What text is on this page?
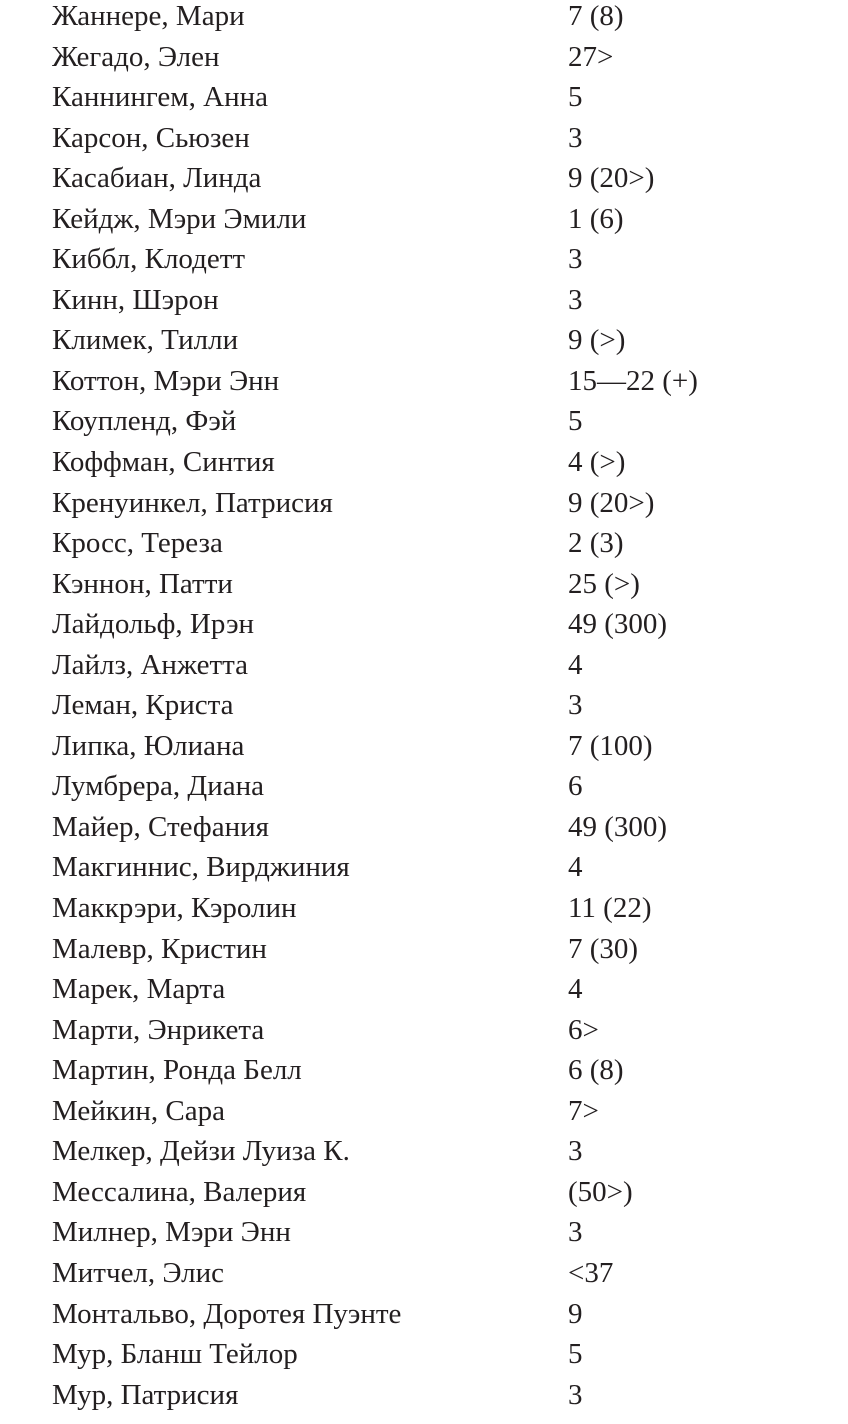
Жаннере, Мари	7 (8)
Жегадо, Элен	27>
Каннингем, Анна	5
Карсон, Сьюзен	3
Касабиан, Линда	9 (20>)
Кейдж, Мэри Эмили	1 (6)
Киббл, Клодетт	3
Кинн, Шэрон	3
Климек, Тилли	9 (>)
Коттон, Мэри Энн	15—22 (+)
Коупленд, Фэй	5
Коффман, Синтия	4 (>)
Кренуинкел, Патрисия	9 (20>)
Кросс, Тереза	2 (3)
Кэннон, Патти	25 (>)
Лайдольф, Ирэн	49 (300)
Лайлз, Анжетта	4
Леман, Криста	3
Липка, Юлиана	7 (100)
Лумбрера, Диана	6
Майер, Стефания	49 (300)
Макгиннис, Вирджиния	4
Маккрэри, Кэролин	11 (22)
Малевр, Кристин	7 (30)
Марек, Марта	4
Марти, Энрикета	6>
Мартин, Ронда Белл	6 (8)
Мейкин, Сара	7>
Мелкер, Дейзи Луиза К.	3
Мессалина, Валерия	(50>)
Милнер, Мэри Энн	3
Митчел, Элис	<37
Монтальво, Доротея Пуэнте	9
Мур, Бланш Тейлор	5
Мур, Патрисия	3
